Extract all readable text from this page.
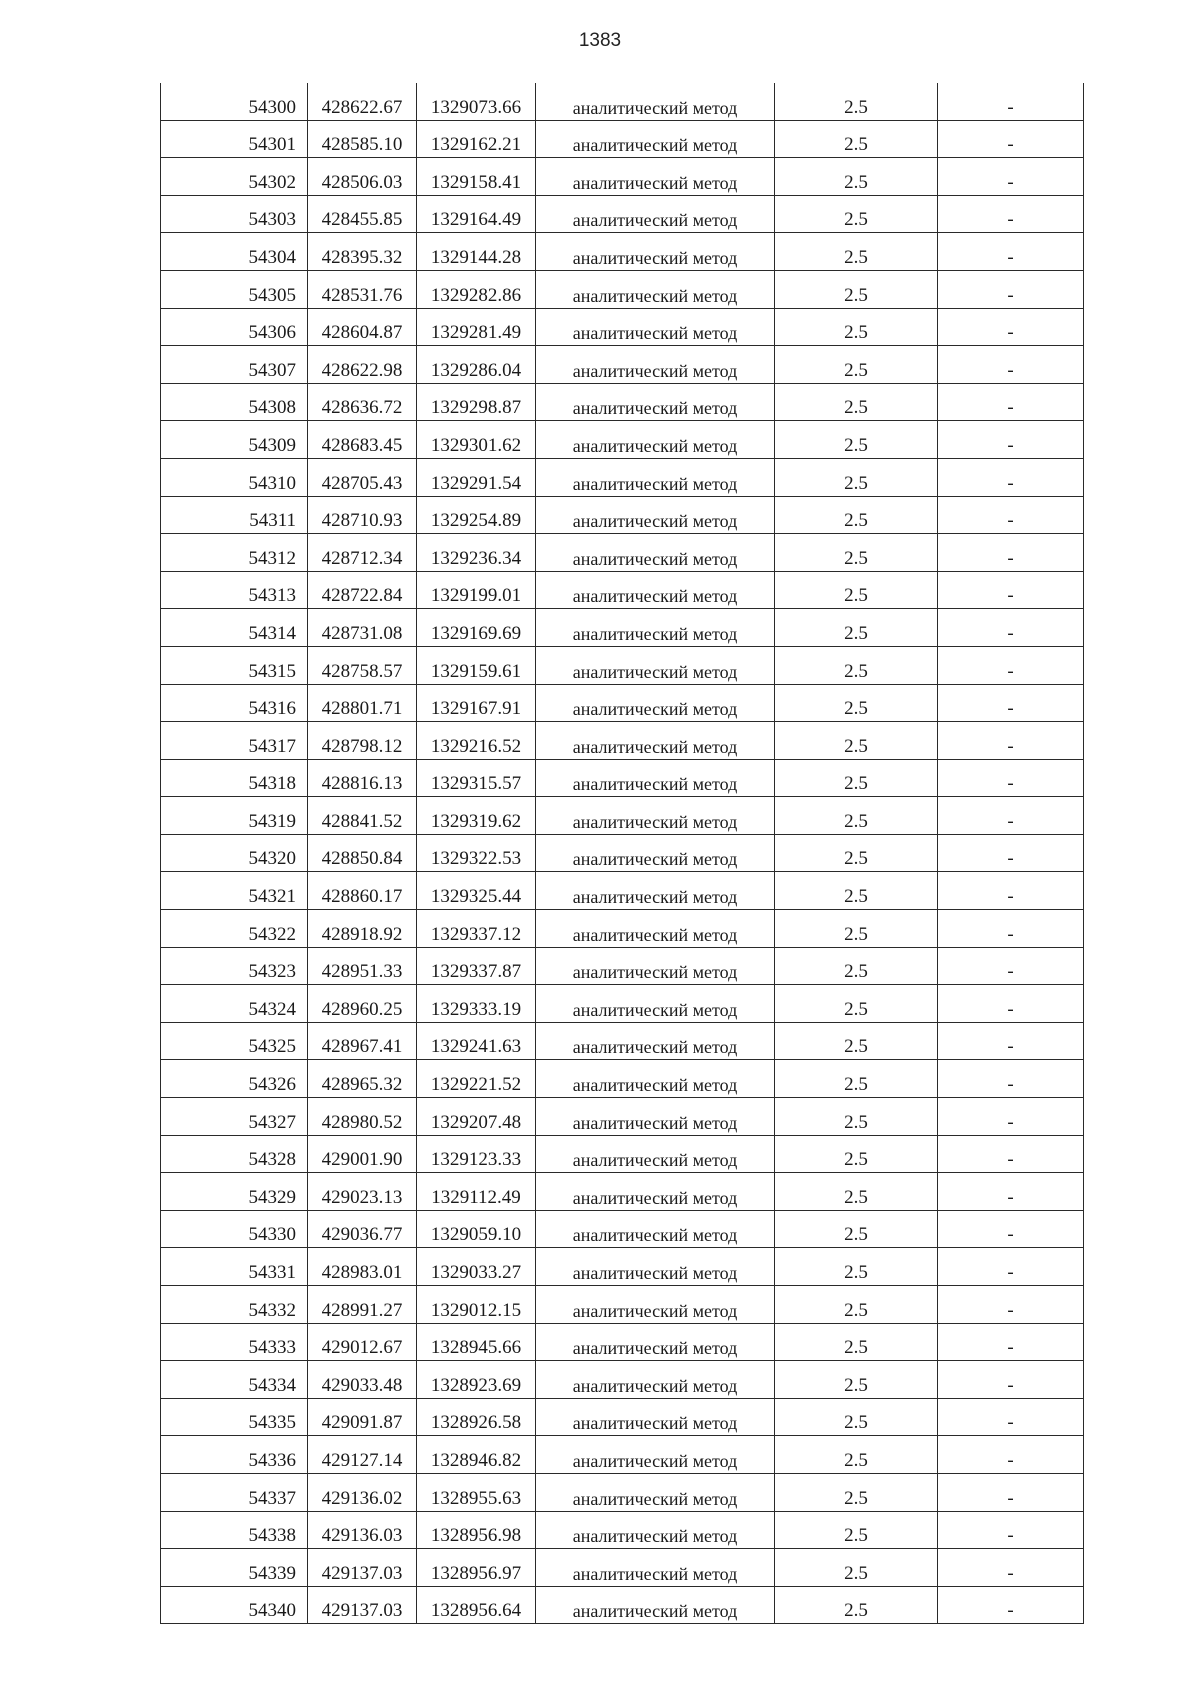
1383
54300	428622.67	1329073.66	аналитический метод	2.5	-

54301	428585.10	1329162.21	аналитический метод	2.5	-

54302	428506.03	1329158.41	аналитический метод	2.5	-

54303	428455.85	1329164.49	аналитический метод	2.5	-

54304	428395.32	1329144.28	аналитический метод	2.5	-

54305	428531.76	1329282.86	аналитический метод	2.5	-

54306	428604.87	1329281.49	аналитический метод	2.5	-

54307	428622.98	1329286.04	аналитический метод	2.5	-

54308	428636.72	1329298.87	аналитический метод	2.5	-

54309	428683.45	1329301.62	аналитический метод	2.5	-

54310	428705.43	1329291.54	аналитический метод	2.5	-

54311	428710.93	1329254.89	аналитический метод	2.5	-

54312	428712.34	1329236.34	аналитический метод	2.5	-

54313	428722.84	1329199.01	аналитический метод	2.5	-

54314	428731.08	1329169.69	аналитический метод	2.5	-

54315	428758.57	1329159.61	аналитический метод	2.5	-

54316	428801.71	1329167.91	аналитический метод	2.5	-

54317	428798.12	1329216.52	аналитический метод	2.5	-

54318	428816.13	1329315.57	аналитический метод	2.5	-

54319	428841.52	1329319.62	аналитический метод	2.5	-

54320	428850.84	1329322.53	аналитический метод	2.5	-

54321	428860.17	1329325.44	аналитический метод	2.5	-

54322	428918.92	1329337.12	аналитический метод	2.5	-

54323	428951.33	1329337.87	аналитический метод	2.5	-

54324	428960.25	1329333.19	аналитический метод	2.5	-

54325	428967.41	1329241.63	аналитический метод	2.5	-

54326	428965.32	1329221.52	аналитический метод	2.5	-

54327	428980.52	1329207.48	аналитический метод	2.5	-

54328	429001.90	1329123.33	аналитический метод	2.5	-

54329	429023.13	1329112.49	аналитический метод	2.5	-

54330	429036.77	1329059.10	аналитический метод	2.5	-

54331	428983.01	1329033.27	аналитический метод	2.5	-

54332	428991.27	1329012.15	аналитический метод	2.5	-

54333	429012.67	1328945.66	аналитический метод	2.5	-

54334	429033.48	1328923.69	аналитический метод	2.5	-

54335	429091.87	1328926.58	аналитический метод	2.5	-

54336	429127.14	1328946.82	аналитический метод	2.5	-

54337	429136.02	1328955.63	аналитический метод	2.5	-

54338	429136.03	1328956.98	аналитический метод	2.5	-

54339	429137.03	1328956.97	аналитический метод	2.5	-

54340	429137.03	1328956.64	аналитический метод	2.5	-
